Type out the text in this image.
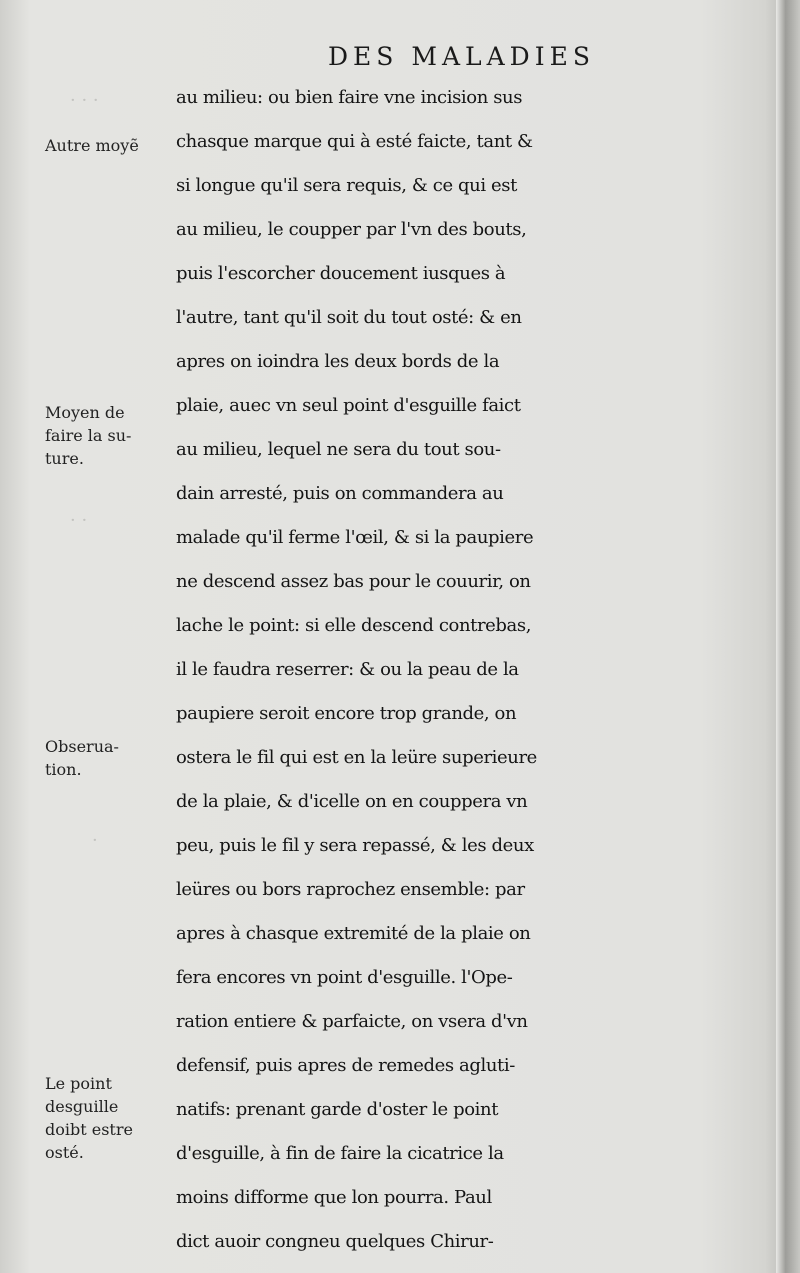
· · ·
· ·
·
DES MALADIES
au milieu: ou bien faire vne incision sus
chasque marque qui à esté faicte, tant &
si longue qu'il sera requis, & ce qui est
au milieu, le coupper par l'vn des bouts,
puis l'escorcher doucement iusques à
l'autre, tant qu'il soit du tout osté: & en
apres on ioindra les deux bords de la
plaie, auec vn seul point d'esguille faict
au milieu, lequel ne sera du tout sou-
dain arresté, puis on commandera au
malade qu'il ferme l'œil, & si la paupiere
ne descend assez bas pour le couurir, on
lache le point: si elle descend contrebas,
il le faudra reserrer: & ou la peau de la
paupiere seroit encore trop grande, on
ostera le fil qui est en la leüre superieure
de la plaie, & d'icelle on en couppera vn
peu, puis le fil y sera repassé, & les deux
leüres ou bors raprochez ensemble: par
apres à chasque extremité de la plaie on
fera encores vn point d'esguille. l'Ope-
ration entiere & parfaicte, on vsera d'vn
defensif, puis apres de remedes agluti-
natifs: prenant garde d'oster le point
d'esguille, à fin de faire la cicatrice la
moins difforme que lon pourra. Paul
dict auoir congneu quelques Chirur-
Autre moyẽ
Moyen de
faire la su-
ture.
Obserua-
tion.
Le point
desguille
doibt estre
osté.
